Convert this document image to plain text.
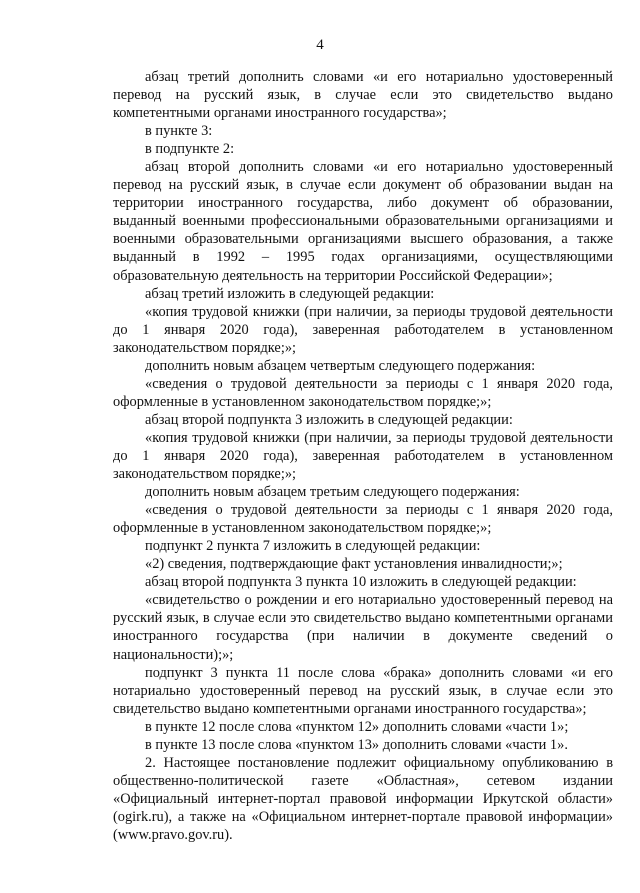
4

абзац третий дополнить словами «и его нотариально удостоверенный перевод на русский язык, в случае если это свидетельство выдано компетентными органами иностранного государства»;

в пункте 3:

в подпункте 2:

абзац второй дополнить словами «и его нотариально удостоверенный перевод на русский язык, в случае если документ об образовании выдан на территории иностранного государства, либо документ об образовании, выданный военными профессиональными образовательными организациями и военными образовательными организациями высшего образования, а также выданный в 1992 – 1995 годах организациями, осуществляющими образовательную деятельность на территории Российской Федерации»;

абзац третий изложить в следующей редакции:

«копия трудовой книжки (при наличии, за периоды трудовой деятельности до 1 января 2020 года), заверенная работодателем в установленном законодательством порядке;»;

дополнить новым абзацем четвертым следующего подержания:

«сведения о трудовой деятельности за периоды с 1 января 2020 года, оформленные в установленном законодательством порядке;»;

абзац второй подпункта 3 изложить в следующей редакции:

«копия трудовой книжки (при наличии, за периоды трудовой деятельности до 1 января 2020 года), заверенная работодателем в установленном законодательством порядке;»;

дополнить новым абзацем третьим следующего подержания:

«сведения о трудовой деятельности за периоды с 1 января 2020 года, оформленные в установленном законодательством порядке;»;

подпункт 2 пункта 7 изложить в следующей редакции:

«2) сведения, подтверждающие факт установления инвалидности;»;

абзац второй подпункта 3 пункта 10 изложить в следующей редакции:

«свидетельство о рождении и его нотариально удостоверенный перевод на русский язык, в случае если это свидетельство выдано компетентными органами иностранного государства (при наличии в документе сведений о национальности);»;

подпункт 3 пункта 11 после слова «брака» дополнить словами «и его нотариально удостоверенный перевод на русский язык, в случае если это свидетельство выдано компетентными органами иностранного государства»;

в пункте 12 после слова «пунктом 12» дополнить словами «части 1»;

в пункте 13 после слова «пунктом 13» дополнить словами «части 1».

2. Настоящее постановление подлежит официальному опубликованию в общественно-политической газете «Областная», сетевом издании «Официальный интернет-портал правовой информации Иркутской области» (ogirk.ru), а также на «Официальном интернет-портале правовой информации» (www.pravo.gov.ru).
